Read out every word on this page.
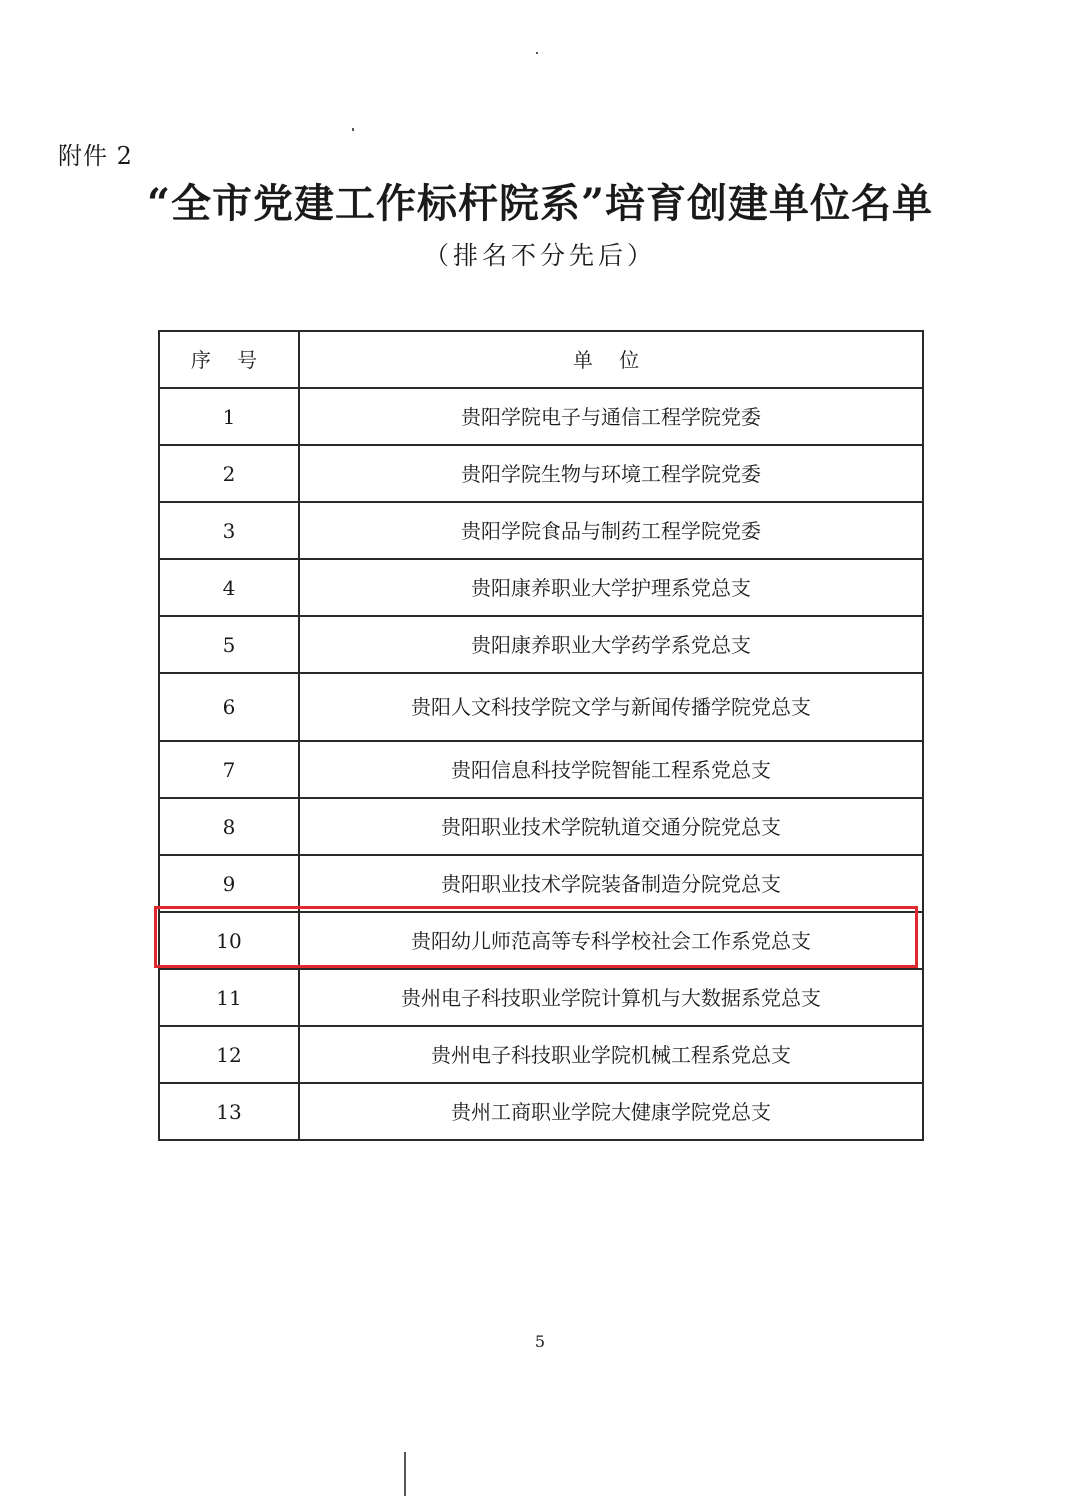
附件 2
“全市党建工作标杆院系”培育创建单位名单
（排名不分先后）
序 号	单 位
1	贵阳学院电子与通信工程学院党委
2	贵阳学院生物与环境工程学院党委
3	贵阳学院食品与制药工程学院党委
4	贵阳康养职业大学护理系党总支
5	贵阳康养职业大学药学系党总支
6	贵阳人文科技学院文学与新闻传播学院党总支
7	贵阳信息科技学院智能工程系党总支
8	贵阳职业技术学院轨道交通分院党总支
9	贵阳职业技术学院装备制造分院党总支
10	贵阳幼儿师范高等专科学校社会工作系党总支
11	贵州电子科技职业学院计算机与大数据系党总支
12	贵州电子科技职业学院机械工程系党总支
13	贵州工商职业学院大健康学院党总支
5
